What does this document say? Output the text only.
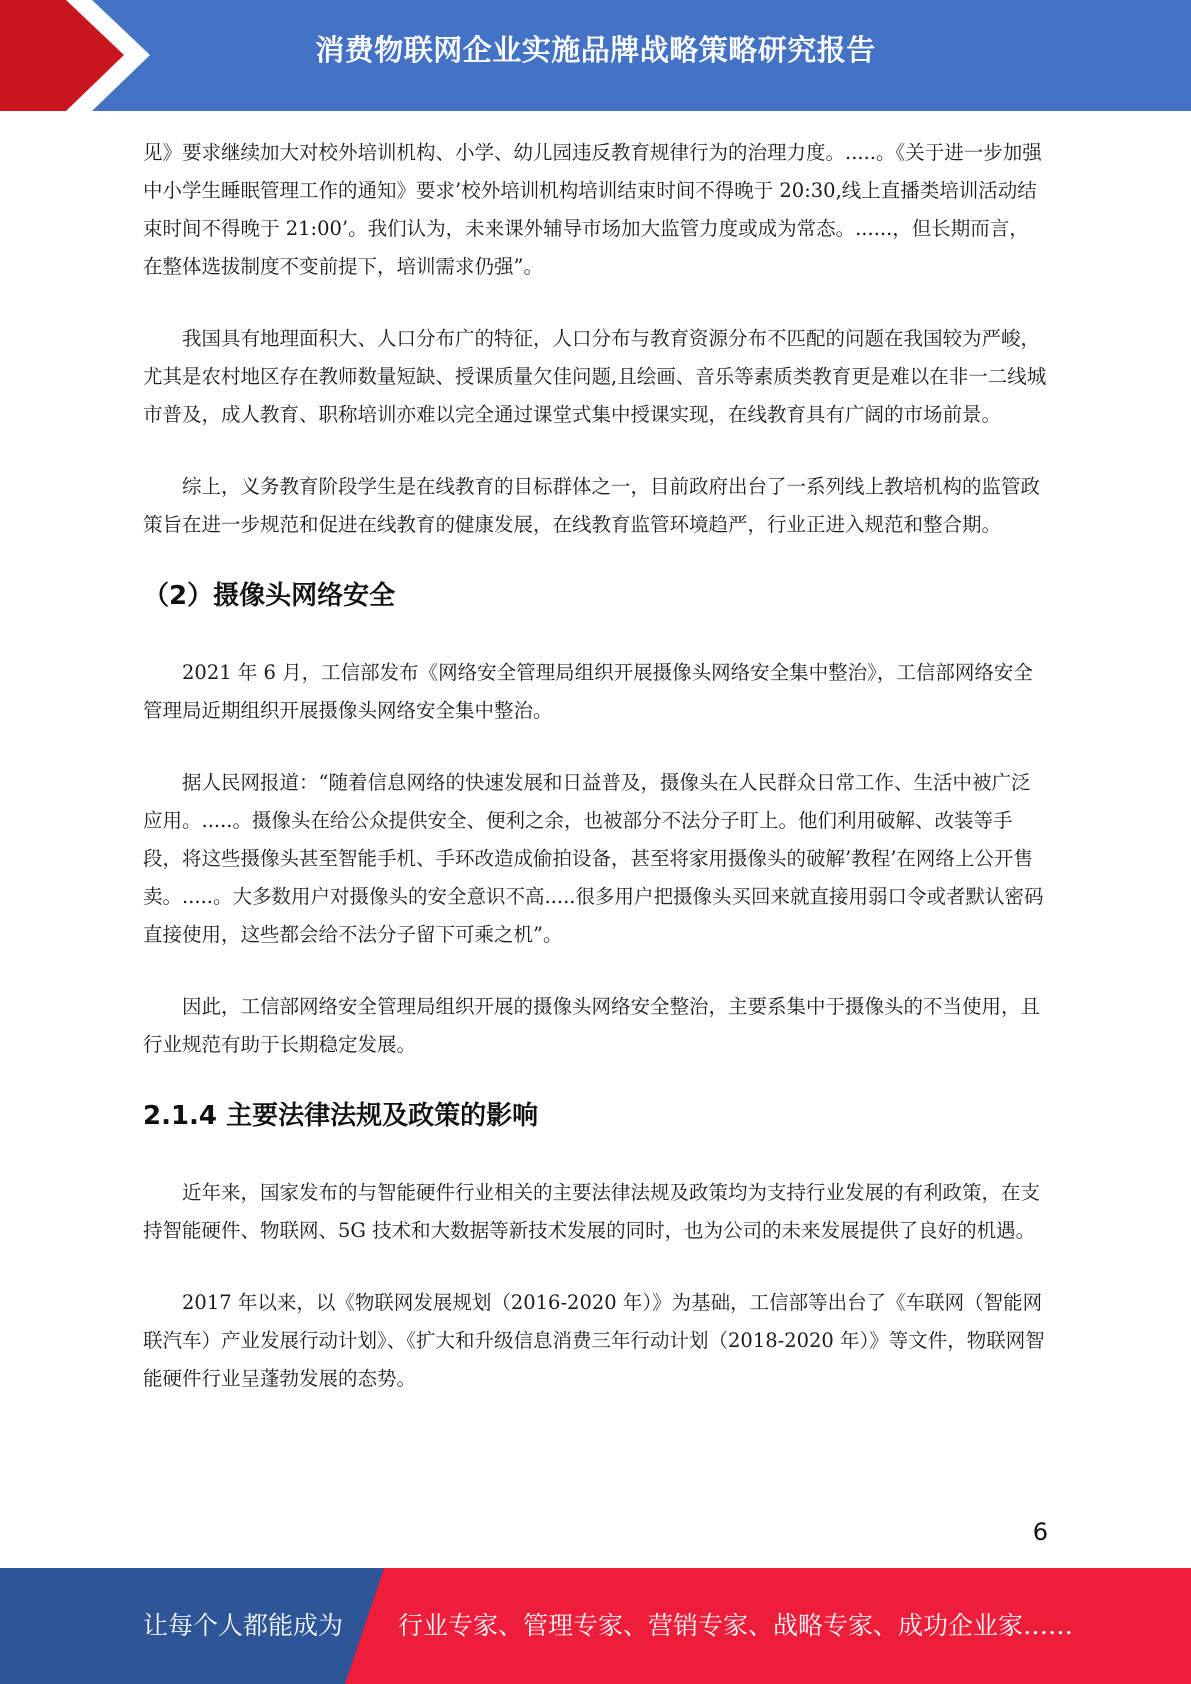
消费物联网企业实施品牌战略策略研究报告

见》要求继续加大对校外培训机构、小学、幼儿园违反教育规律行为的治理力度。.....。《关于进一步加强中小学生睡眠管理工作的通知》要求’校外培训机构培训结束时间不得晚于 20:30,线上直播类培训活动结束时间不得晚于 21:00’。我们认为，未来课外辅导市场加大监管力度或成为常态。......，但长期而言，在整体选拔制度不变前提下，培训需求仍强”。

我国具有地理面积大、人口分布广的特征，人口分布与教育资源分布不匹配的问题在我国较为严峻，尤其是农村地区存在教师数量短缺、授课质量欠佳问题,且绘画、音乐等素质类教育更是难以在非一二线城市普及，成人教育、职称培训亦难以完全通过课堂式集中授课实现，在线教育具有广阔的市场前景。

综上，义务教育阶段学生是在线教育的目标群体之一，目前政府出台了一系列线上教培机构的监管政策旨在进一步规范和促进在线教育的健康发展，在线教育监管环境趋严，行业正进入规范和整合期。

（2）摄像头网络安全

2021 年 6 月，工信部发布《网络安全管理局组织开展摄像头网络安全集中整治》，工信部网络安全管理局近期组织开展摄像头网络安全集中整治。

据人民网报道：“随着信息网络的快速发展和日益普及，摄像头在人民群众日常工作、生活中被广泛应用。.....。摄像头在给公众提供安全、便利之余，也被部分不法分子盯上。他们利用破解、改装等手段，将这些摄像头甚至智能手机、手环改造成偷拍设备，甚至将家用摄像头的破解’教程’在网络上公开售卖。.....。大多数用户对摄像头的安全意识不高.....很多用户把摄像头买回来就直接用弱口令或者默认密码直接使用，这些都会给不法分子留下可乘之机”。

因此，工信部网络安全管理局组织开展的摄像头网络安全整治，主要系集中于摄像头的不当使用，且行业规范有助于长期稳定发展。

2.1.4 主要法律法规及政策的影响

近年来，国家发布的与智能硬件行业相关的主要法律法规及政策均为支持行业发展的有利政策，在支持智能硬件、物联网、5G 技术和大数据等新技术发展的同时，也为公司的未来发展提供了良好的机遇。

2017 年以来，以《物联网发展规划（2016-2020 年）》为基础，工信部等出台了《车联网（智能网联汽车）产业发展行动计划》、《扩大和升级信息消费三年行动计划（2018-2020 年）》等文件，物联网智能硬件行业呈蓬勃发展的态势。

6
让每个人都能成为 行业专家、管理专家、营销专家、战略专家、成功企业家……
